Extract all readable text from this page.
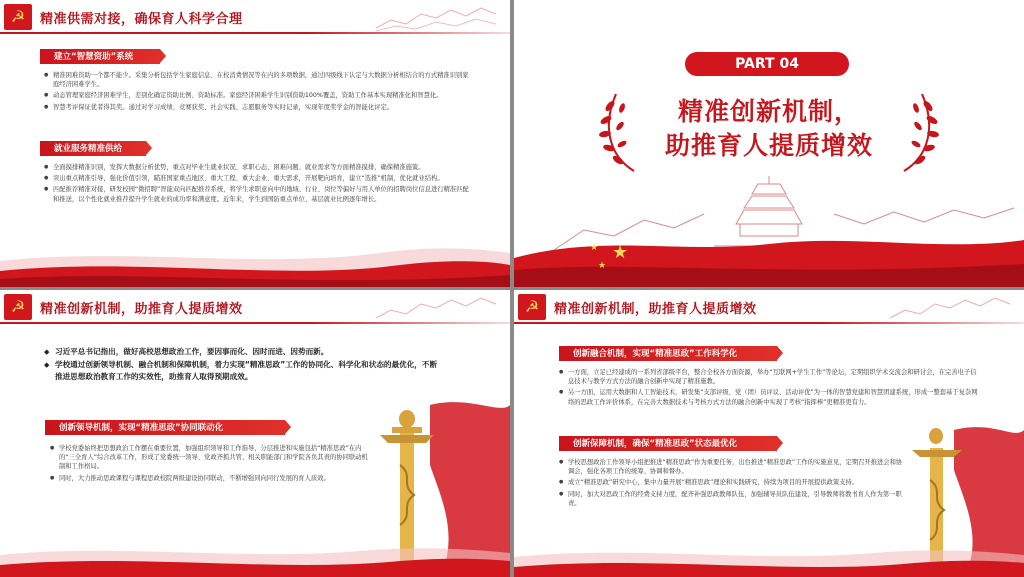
☭ 精准供需对接，确保育人科学合理
建立“智慧资助”系统
● 精准困难资助一个都不能少。采集分析包括学生家庭信息、在校消费情况等在内的多项数据，通过四级线下认定与大数据分析相结合的方式精准识别家庭经济困难学生。
● 动态管理家庭经济困难学生，差别化确定资助比例、资助标准。家庭经济困难学生识别资助100%覆盖，资助工作基本实现精准化和智慧化。
● 智慧考评保证优者得其奖。通过对学习成绩、竞赛获奖、社会实践、志愿服务等实时记录，实现年度奖学金的智能化评定。
就业服务精准供给
● 全面摸排精准识别，发挥大数据分析优势，重点对毕业生就业状况、求职心态、困难问题、就业需求等方面精准摸排，确保精准施策。
● 突出重点精准引导，强化价值引领，瞄准国家重点地区、重大工程、重大企业、重大需求，开展靶向培育，建立“选推”机制，优化就业结构。
● 匹配推荐精准对接，研发校园“微招聘”智能双向匹配推荐系统，将学生求职意向中的地域、行业、岗位等偏好与用人单位的招聘岗位信息进行精准匹配和推送，以个性化就业推荐提升学生就业的成功率和满意度。近年来，学生到国防重点单位、基层就业比例逐年增长。
PART 04
精准创新机制，
助推育人提质增效
★
★
★
☭ 精准创新机制，助推育人提质增效

◆ 习近平总书记指出，做好高校思想政治工作，要因事而化、因时而进、因势而新。

◆ 学校通过创新领导机制、融合机制和保障机制，着力实现“精准思政”工作的协同化、科学化和状态的最优化，不断推进思想政治教育工作的实效性，助推育人取得预期成效。

创新领导机制，实现“精准思政”协同联动化
● 学校党委始终把思想政治工作摆在重要位置，加强组织领导和工作指导，分层推进和实施包括“精准思政”在内的“三全育人”综合改革工作，形成了党委统一领导、党政齐抓共管、相关职能部门和学院各负其责的协同联动机制和工作格局。
● 同时，大力推动思政课程与课程思政校院两级建设协同联动，不断增强同向同行发展的育人质效。
☭ 精准创新机制，助推育人提质增效
创新融合机制，实现“精准思政”工作科学化
● 一方面，立足已经建成的一系列省部级平台，整合全校各方面资源，举办“互联网+学生工作”等论坛，定期组织学术交流会和研讨会，在完善电子信息技术与教学方式方法的融合创新中实现了精准施教。
● 另一方面，运用大数据和人工智能技术，研发集“支部评级、党（团）员评议、活动评优”为一体的智慧党建和智慧团建系统，形成一整套基于复杂网络的思政工作评价体系，在完善大数据技术与考核方式方法的融合创新中实现了考核“指挥棒”更精准更有力。
创新保障机制，确保“精准思政”状态最优化
● 学校思想政治工作领导小组把推进“精准思政”作为重要任务，出台推进“精准思政”工作的实施意见，定期召开推进会和协调会，强化各项工作的统筹、协调和督办。
● 成立“精准思政”研究中心，集中力量开展“精准思政”理论和实践研究，持续为项目的开展提供政策支持。
● 同时，加大对思政工作的经费支持力度，配齐补强思政教师队伍，加强辅导员队伍建设，引导教师将教书育人作为第一职责。
